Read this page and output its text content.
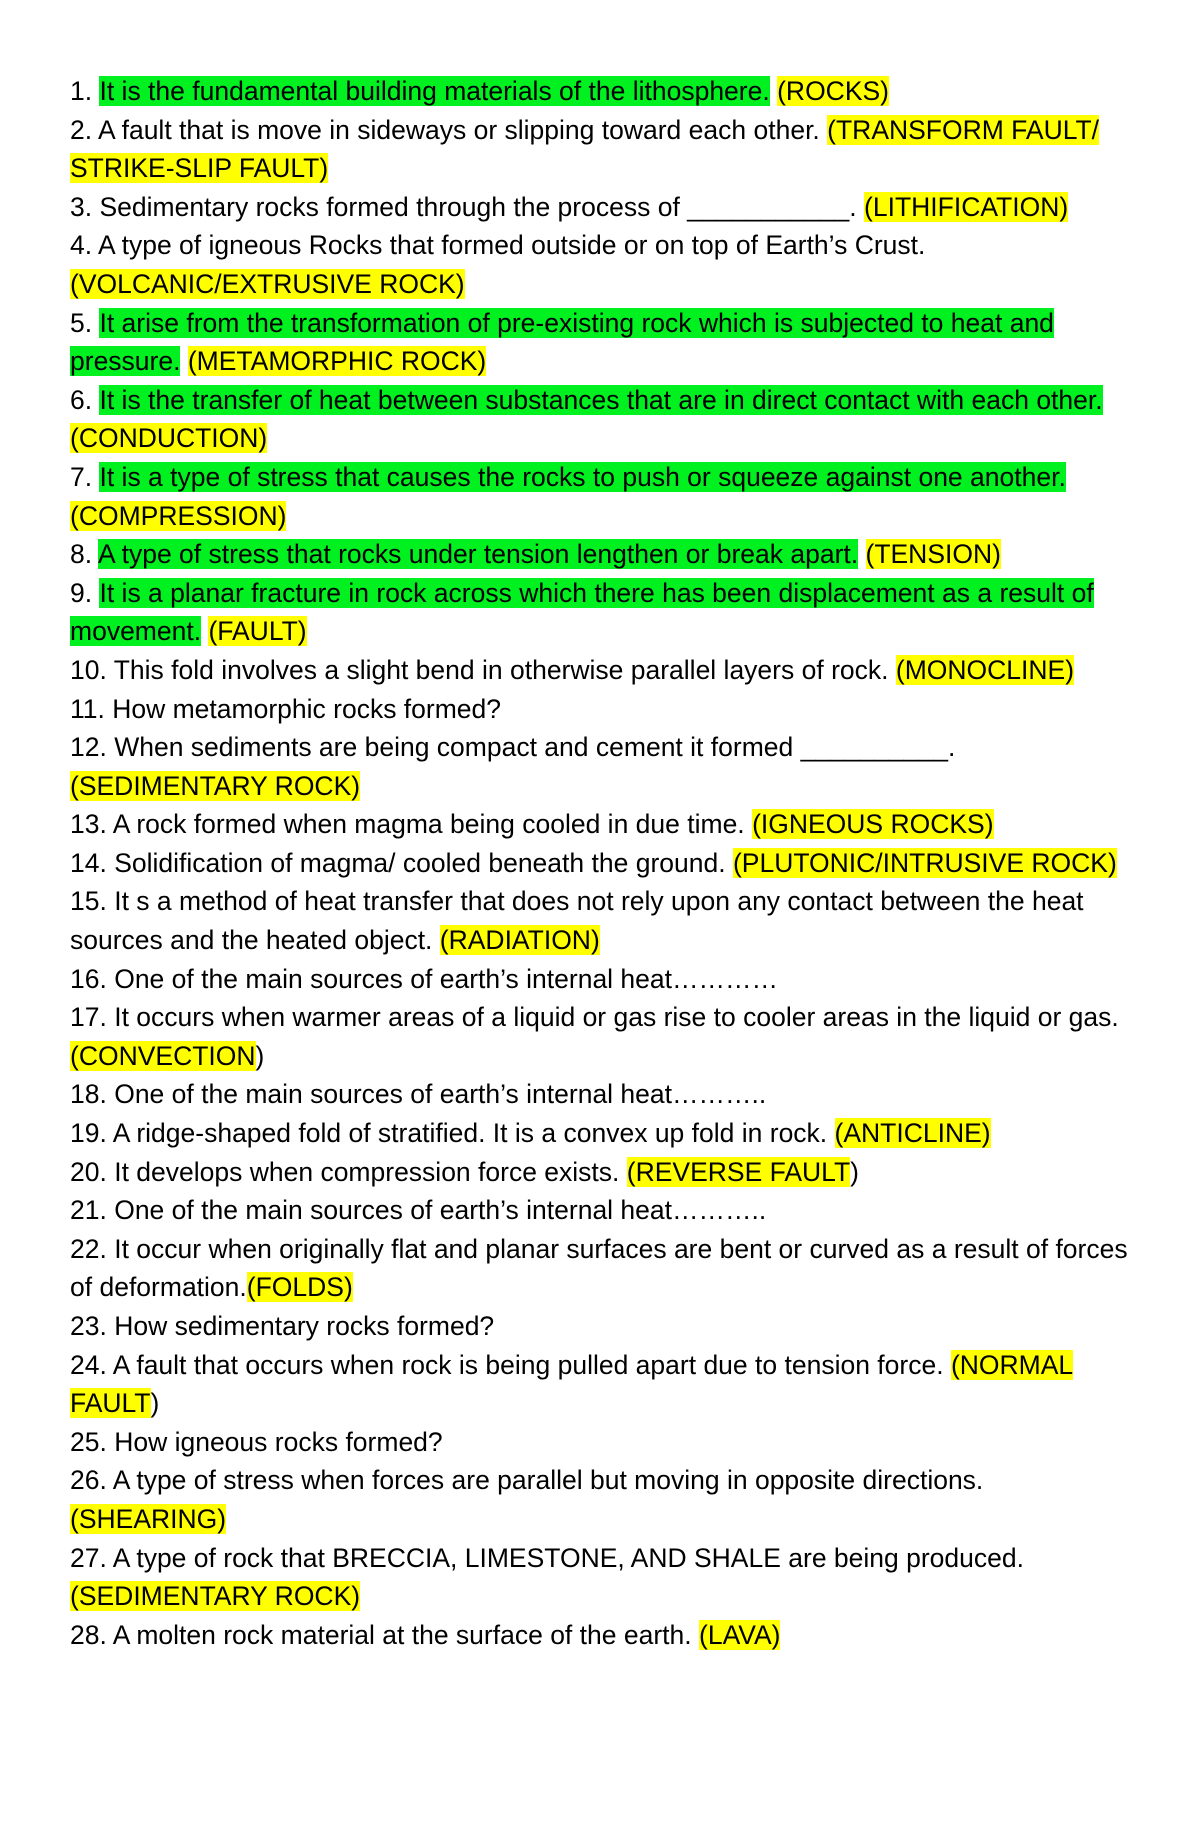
1. It is the fundamental building materials of the lithosphere. (ROCKS)

2. A fault that is move in sideways or slipping toward each other. (TRANSFORM FAULT/ STRIKE-SLIP FAULT)

3. Sedimentary rocks formed through the process of ___________. (LITHIFICATION)

4. A type of igneous Rocks that formed outside or on top of Earth’s Crust. (VOLCANIC/EXTRUSIVE ROCK)

5. It arise from the transformation of pre-existing rock which is subjected to heat and pressure. (METAMORPHIC ROCK)

6. It is the transfer of heat between substances that are in direct contact with each other. (CONDUCTION)

7. It is a type of stress that causes the rocks to push or squeeze against one another. (COMPRESSION)

8. A type of stress that rocks under tension lengthen or break apart. (TENSION)

9. It is a planar fracture in rock across which there has been displacement as a result of movement. (FAULT)

10. This fold involves a slight bend in otherwise parallel layers of rock. (MONOCLINE)

11. How metamorphic rocks formed?

12. When sediments are being compact and cement it formed __________. (SEDIMENTARY ROCK)

13. A rock formed when magma being cooled in due time. (IGNEOUS ROCKS)

14. Solidification of magma/ cooled beneath the ground. (PLUTONIC/INTRUSIVE ROCK)

15. It s a method of heat transfer that does not rely upon any contact between the heat sources and the heated object. (RADIATION)

16. One of the main sources of earth’s internal heat…………

17. It occurs when warmer areas of a liquid or gas rise to cooler areas in the liquid or gas. (CONVECTION)

18. One of the main sources of earth’s internal heat………..

19. A ridge-shaped fold of stratified. It is a convex up fold in rock. (ANTICLINE)

20. It develops when compression force exists. (REVERSE FAULT)

21. One of the main sources of earth’s internal heat………..

22. It occur when originally flat and planar surfaces are bent or curved as a result of forces of deformation.(FOLDS)

23. How sedimentary rocks formed?

24. A fault that occurs when rock is being pulled apart due to tension force. (NORMAL FAULT)

25. How igneous rocks formed?

26. A type of stress when forces are parallel but moving in opposite directions. (SHEARING)

27. A type of rock that BRECCIA, LIMESTONE, AND SHALE are being produced. (SEDIMENTARY ROCK)

28. A molten rock material at the surface of the earth. (LAVA)
